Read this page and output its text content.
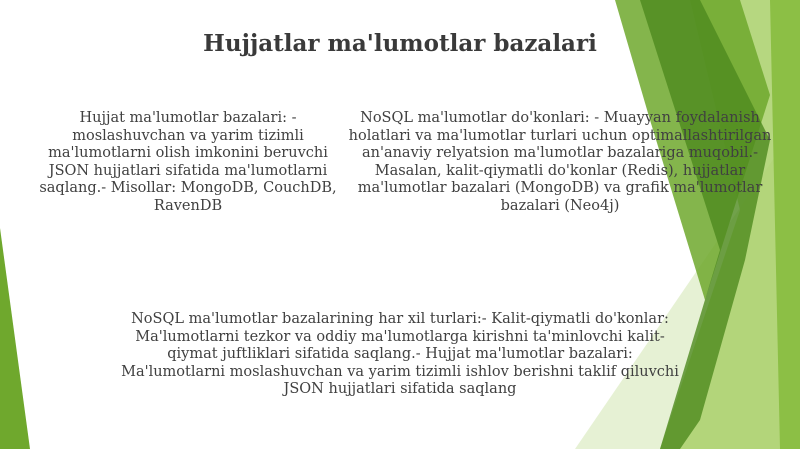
Hujjatlar ma'lumotlar bazalari

Hujjat ma'lumotlar bazalari: - moslashuvchan va yarim tizimli ma'lumotlarni olish imkonini beruvchi JSON hujjatlari sifatida ma'lumotlarni saqlang.- Misollar: MongoDB, CouchDB, RavenDB

NoSQL ma'lumotlar do'konlari: - Muayyan foydalanish holatlari va ma'lumotlar turlari uchun optimallashtirilgan an'anaviy relyatsion ma'lumotlar bazalariga muqobil.- Masalan, kalit-qiymatli do'konlar (Redis), hujjatlar ma'lumotlar bazalari (MongoDB) va grafik ma'lumotlar bazalari (Neo4j)

NoSQL ma'lumotlar bazalarining har xil turlari:- Kalit-qiymatli do'konlar: Ma'lumotlarni tezkor va oddiy ma'lumotlarga kirishni ta'minlovchi kalit-qiymat juftliklari sifatida saqlang.- Hujjat ma'lumotlar bazalari: Ma'lumotlarni moslashuvchan va yarim tizimli ishlov berishni taklif qiluvchi JSON hujjatlari sifatida saqlang
